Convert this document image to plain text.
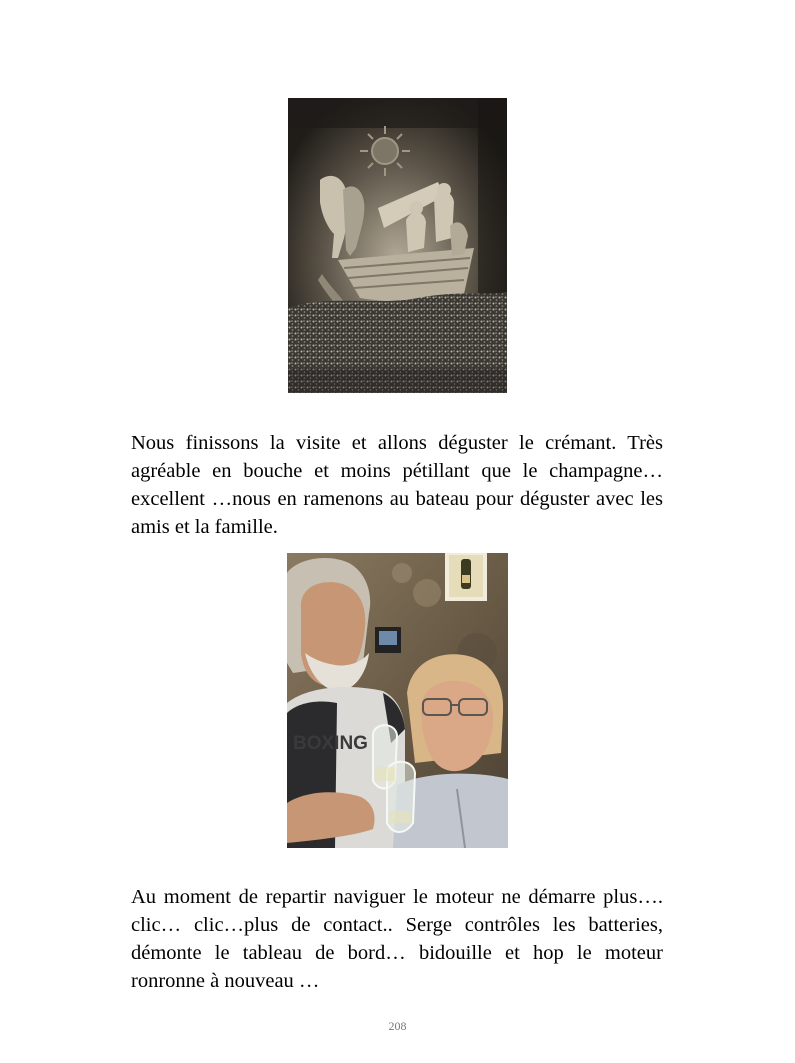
Nous finissons la visite et allons déguster le crémant. Très agréable en bouche et moins pétillant que le champagne… excellent …nous en ramenons au bateau pour déguster avec les amis et la famille.

BOXING

Au moment de repartir naviguer le moteur ne démarre plus…. clic… clic…plus de contact.. Serge contrôles les batteries, démonte le tableau de bord… bidouille et hop le moteur ronronne à nouveau …

208
